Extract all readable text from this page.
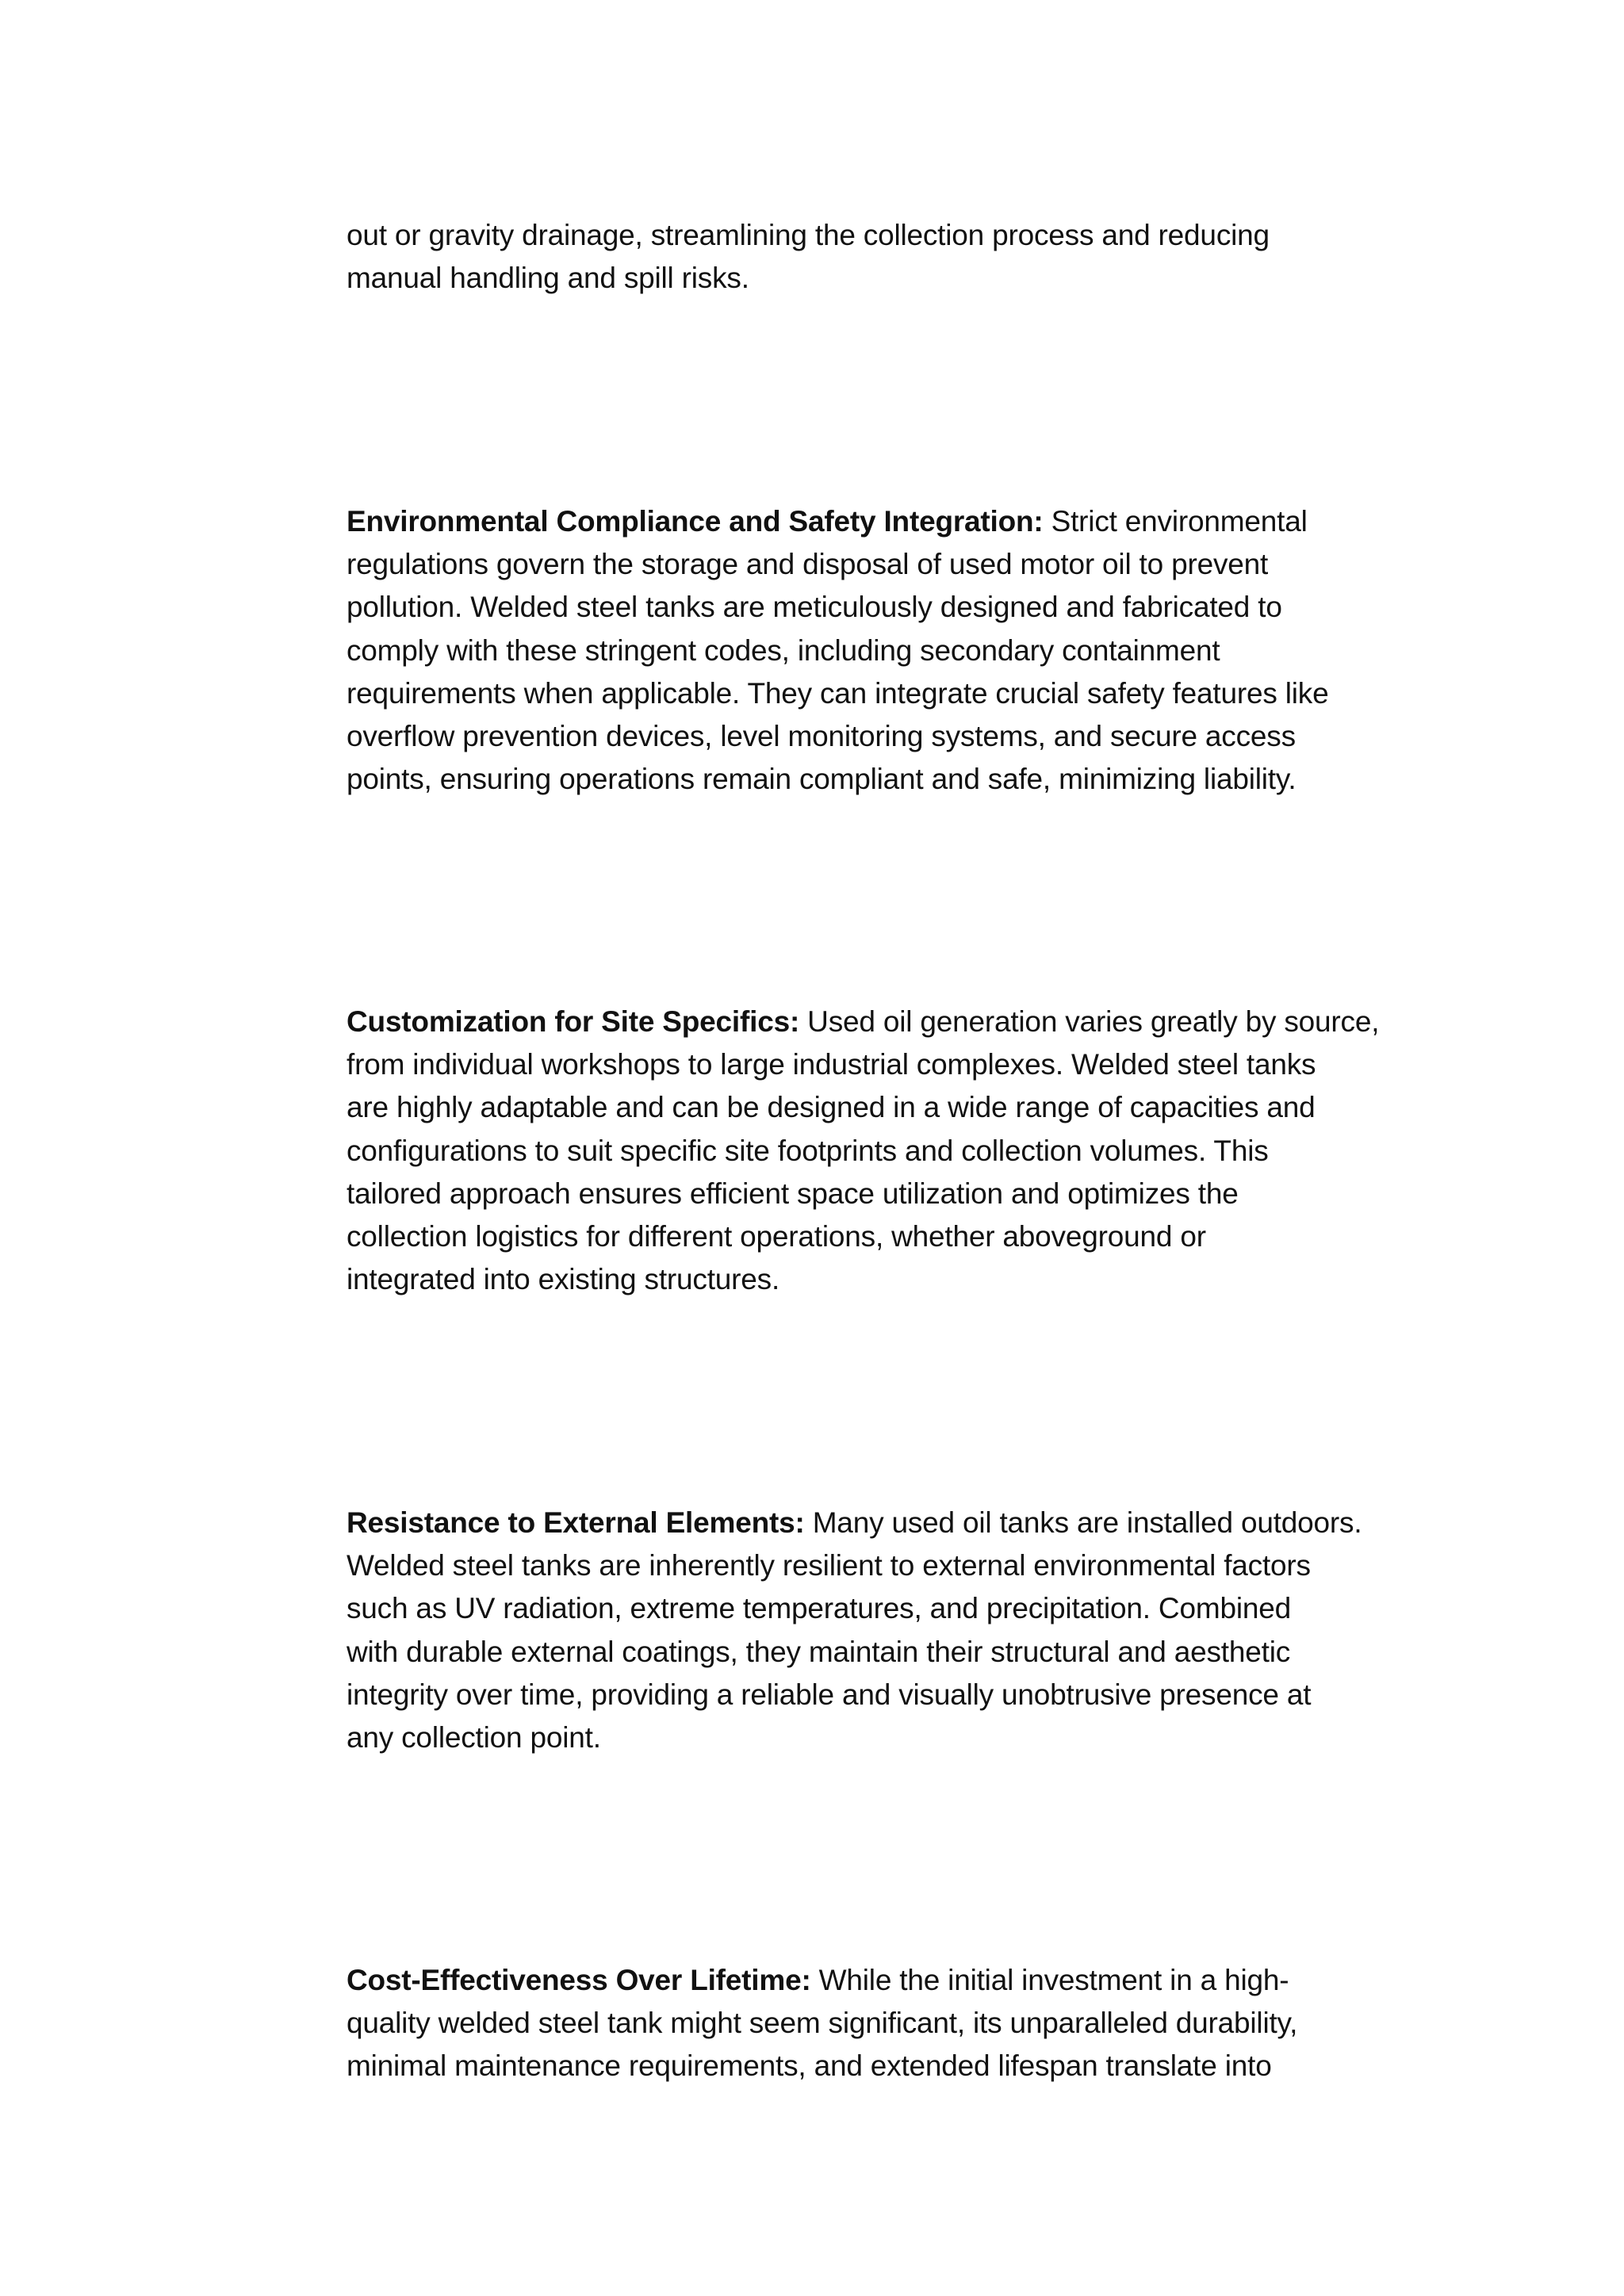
out or gravity drainage, streamlining the collection process and reducing
manual handling and spill risks.

Environmental Compliance and Safety Integration: Strict environmental
regulations govern the storage and disposal of used motor oil to prevent
pollution. Welded steel tanks are meticulously designed and fabricated to
comply with these stringent codes, including secondary containment
requirements when applicable. They can integrate crucial safety features like
overflow prevention devices, level monitoring systems, and secure access
points, ensuring operations remain compliant and safe, minimizing liability.

Customization for Site Specifics: Used oil generation varies greatly by source,
from individual workshops to large industrial complexes. Welded steel tanks
are highly adaptable and can be designed in a wide range of capacities and
configurations to suit specific site footprints and collection volumes. This
tailored approach ensures efficient space utilization and optimizes the
collection logistics for different operations, whether aboveground or
integrated into existing structures.

Resistance to External Elements: Many used oil tanks are installed outdoors.
Welded steel tanks are inherently resilient to external environmental factors
such as UV radiation, extreme temperatures, and precipitation. Combined
with durable external coatings, they maintain their structural and aesthetic
integrity over time, providing a reliable and visually unobtrusive presence at
any collection point.

Cost-Effectiveness Over Lifetime: While the initial investment in a high-
quality welded steel tank might seem significant, its unparalleled durability,
minimal maintenance requirements, and extended lifespan translate into
